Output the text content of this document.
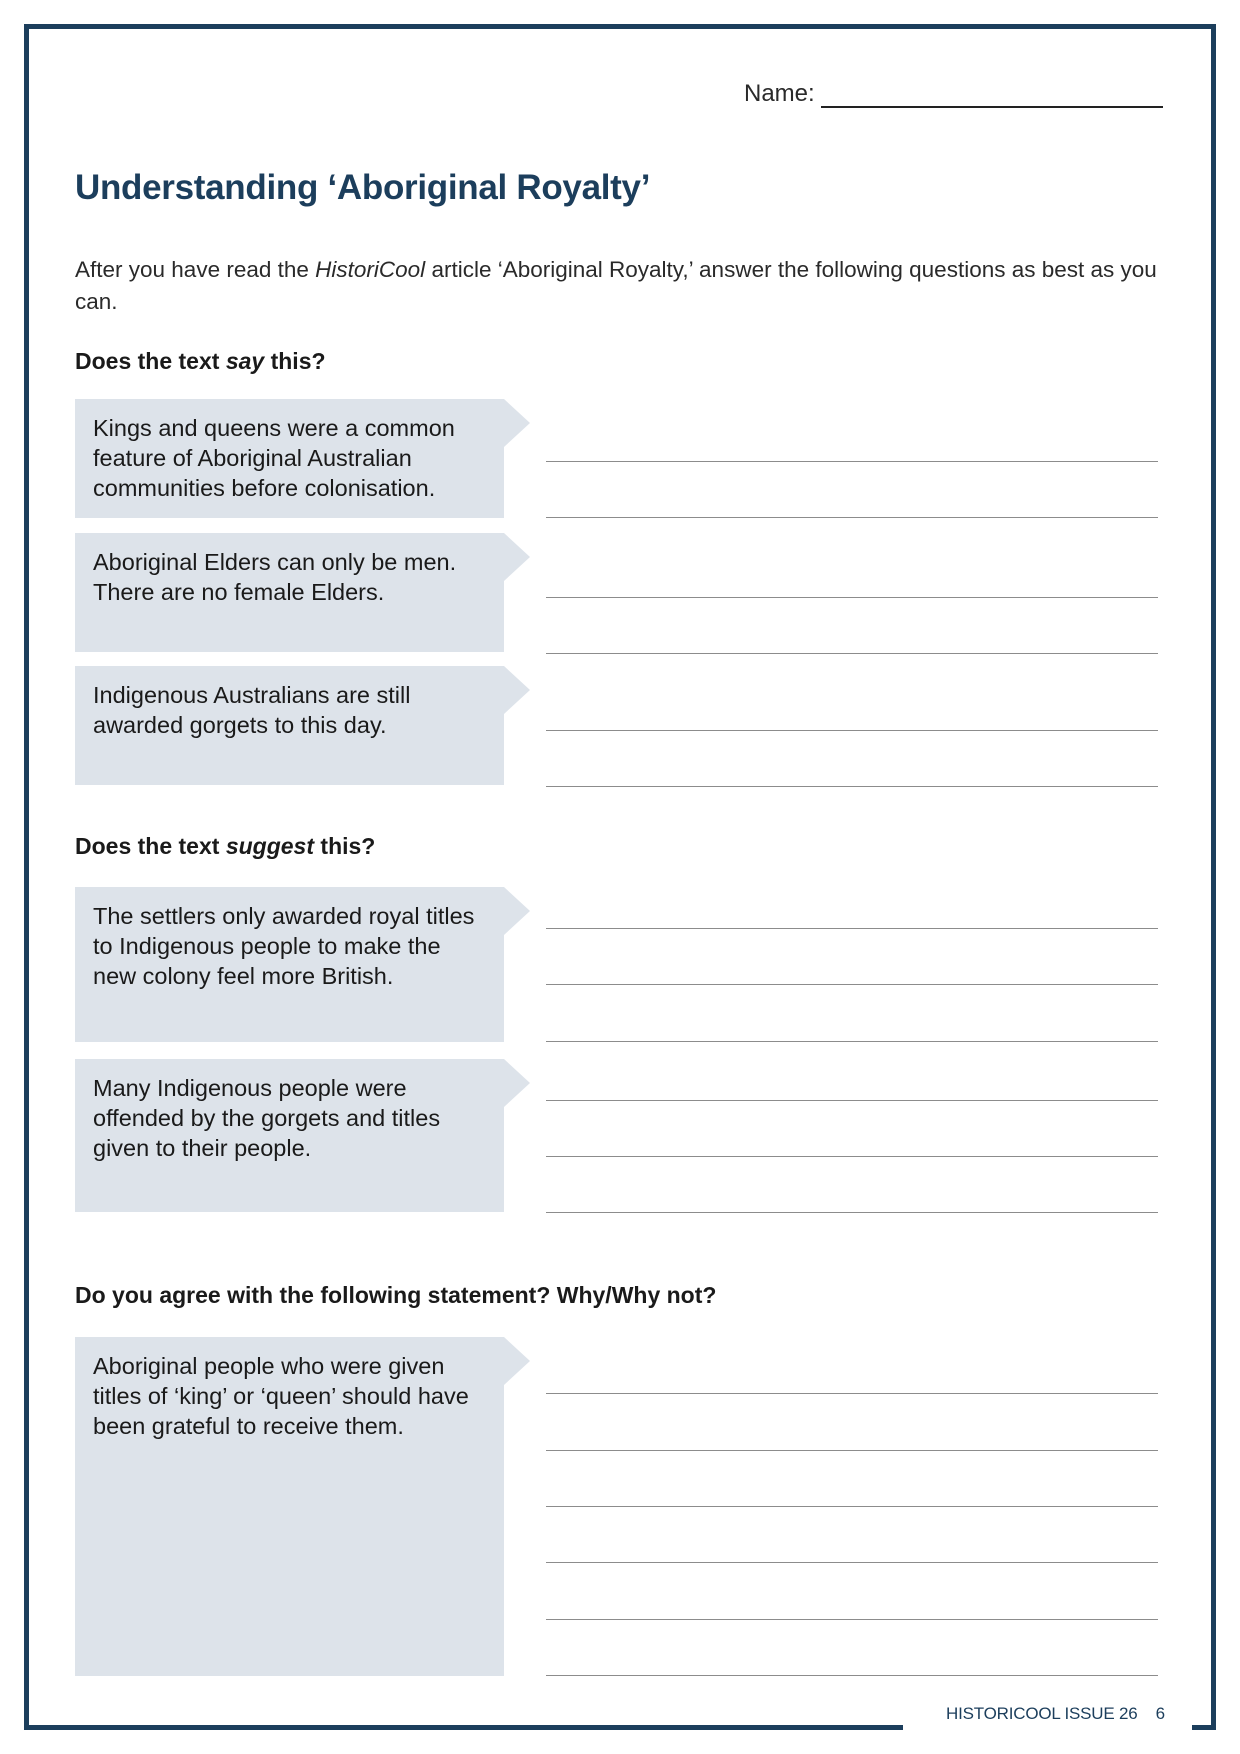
Name:
Understanding ‘Aboriginal Royalty’

After you have read the HistoriCool article ‘Aboriginal Royalty,’ answer the following questions as best as you can.

Does the text say this?

Kings and queens were a common feature of Aboriginal Australian communities before colonisation.
Aboriginal Elders can only be men. There are no female Elders.
Indigenous Australians are still awarded gorgets to this day.

Does the text suggest this?

The settlers only awarded royal titles to Indigenous people to make the new colony feel more British.
Many Indigenous people were offended by the gorgets and titles given to their people.

Do you agree with the following statement? Why/Why not?

Aboriginal people who were given titles of ‘king’ or ‘queen’ should have been grateful to receive them.
HISTORICOOL ISSUE 26 6
